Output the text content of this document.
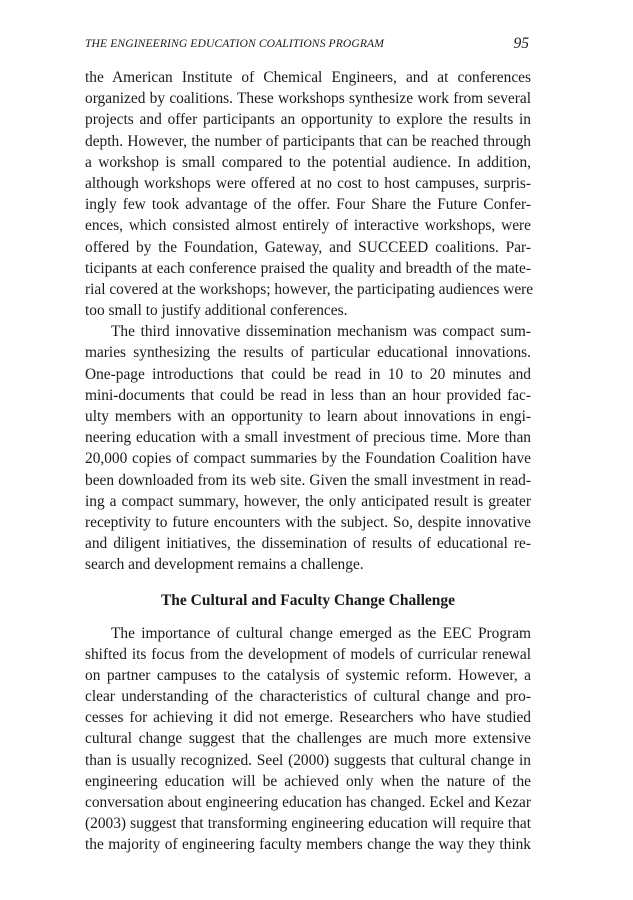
THE ENGINEERING EDUCATION COALITIONS PROGRAM	95
the American Institute of Chemical Engineers, and at conferences
organized by coalitions. These workshops synthesize work from several
projects and offer participants an opportunity to explore the results in
depth. However, the number of participants that can be reached through
a workshop is small compared to the potential audience. In addition,
although workshops were offered at no cost to host campuses, surpris-
ingly few took advantage of the offer. Four Share the Future Confer-
ences, which consisted almost entirely of interactive workshops, were
offered by the Foundation, Gateway, and SUCCEED coalitions. Par-
ticipants at each conference praised the quality and breadth of the mate-
rial covered at the workshops; however, the participating audiences were
too small to justify additional conferences.
The third innovative dissemination mechanism was compact sum-
maries synthesizing the results of particular educational innovations.
One-page introductions that could be read in 10 to 20 minutes and
mini-documents that could be read in less than an hour provided fac-
ulty members with an opportunity to learn about innovations in engi-
neering education with a small investment of precious time. More than
20,000 copies of compact summaries by the Foundation Coalition have
been downloaded from its web site. Given the small investment in read-
ing a compact summary, however, the only anticipated result is greater
receptivity to future encounters with the subject. So, despite innovative
and diligent initiatives, the dissemination of results of educational re-
search and development remains a challenge.
The Cultural and Faculty Change Challenge
The importance of cultural change emerged as the EEC Program
shifted its focus from the development of models of curricular renewal
on partner campuses to the catalysis of systemic reform. However, a
clear understanding of the characteristics of cultural change and pro-
cesses for achieving it did not emerge. Researchers who have studied
cultural change suggest that the challenges are much more extensive
than is usually recognized. Seel (2000) suggests that cultural change in
engineering education will be achieved only when the nature of the
conversation about engineering education has changed. Eckel and Kezar
(2003) suggest that transforming engineering education will require that
the majority of engineering faculty members change the way they think
